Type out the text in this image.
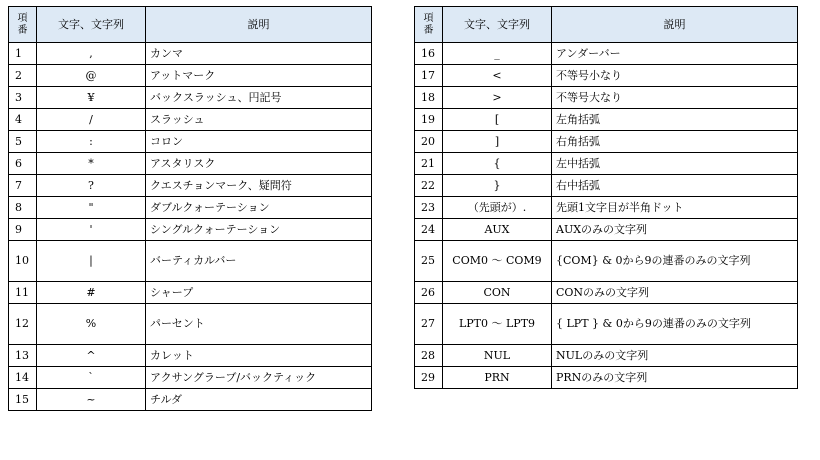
項
番	文字、文字列	説明
1	,	カンマ
2	@	アットマーク
3	¥	バックスラッシュ、円記号
4	/	スラッシュ
5	:	コロン
6	*	アスタリスク
7	?	クエスチョンマーク、疑問符
8	"	ダブルクォーテーション
9	'	シングルクォーテーション
10	|	バーティカルバー
11	#	シャープ
12	%	パーセント
13	^	カレット
14	`	アクサングラーブ/バックティック
15	~	チルダ
項
番	文字、文字列	説明
16	_	アンダーバー
17	<	不等号小なり
18	>	不等号大なり
19	[	左角括弧
20	]	右角括弧
21	{	左中括弧
22	}	右中括弧
23	（先頭が）.	先頭1文字目が半角ドット
24	AUX	AUXのみの文字列
25	COM0 ～ COM9	{COM} & 0から9の連番のみの文字列
26	CON	CONのみの文字列
27	LPT0 ～ LPT9	{ LPT } & 0から9の連番のみの文字列
28	NUL	NULのみの文字列
29	PRN	PRNのみの文字列
